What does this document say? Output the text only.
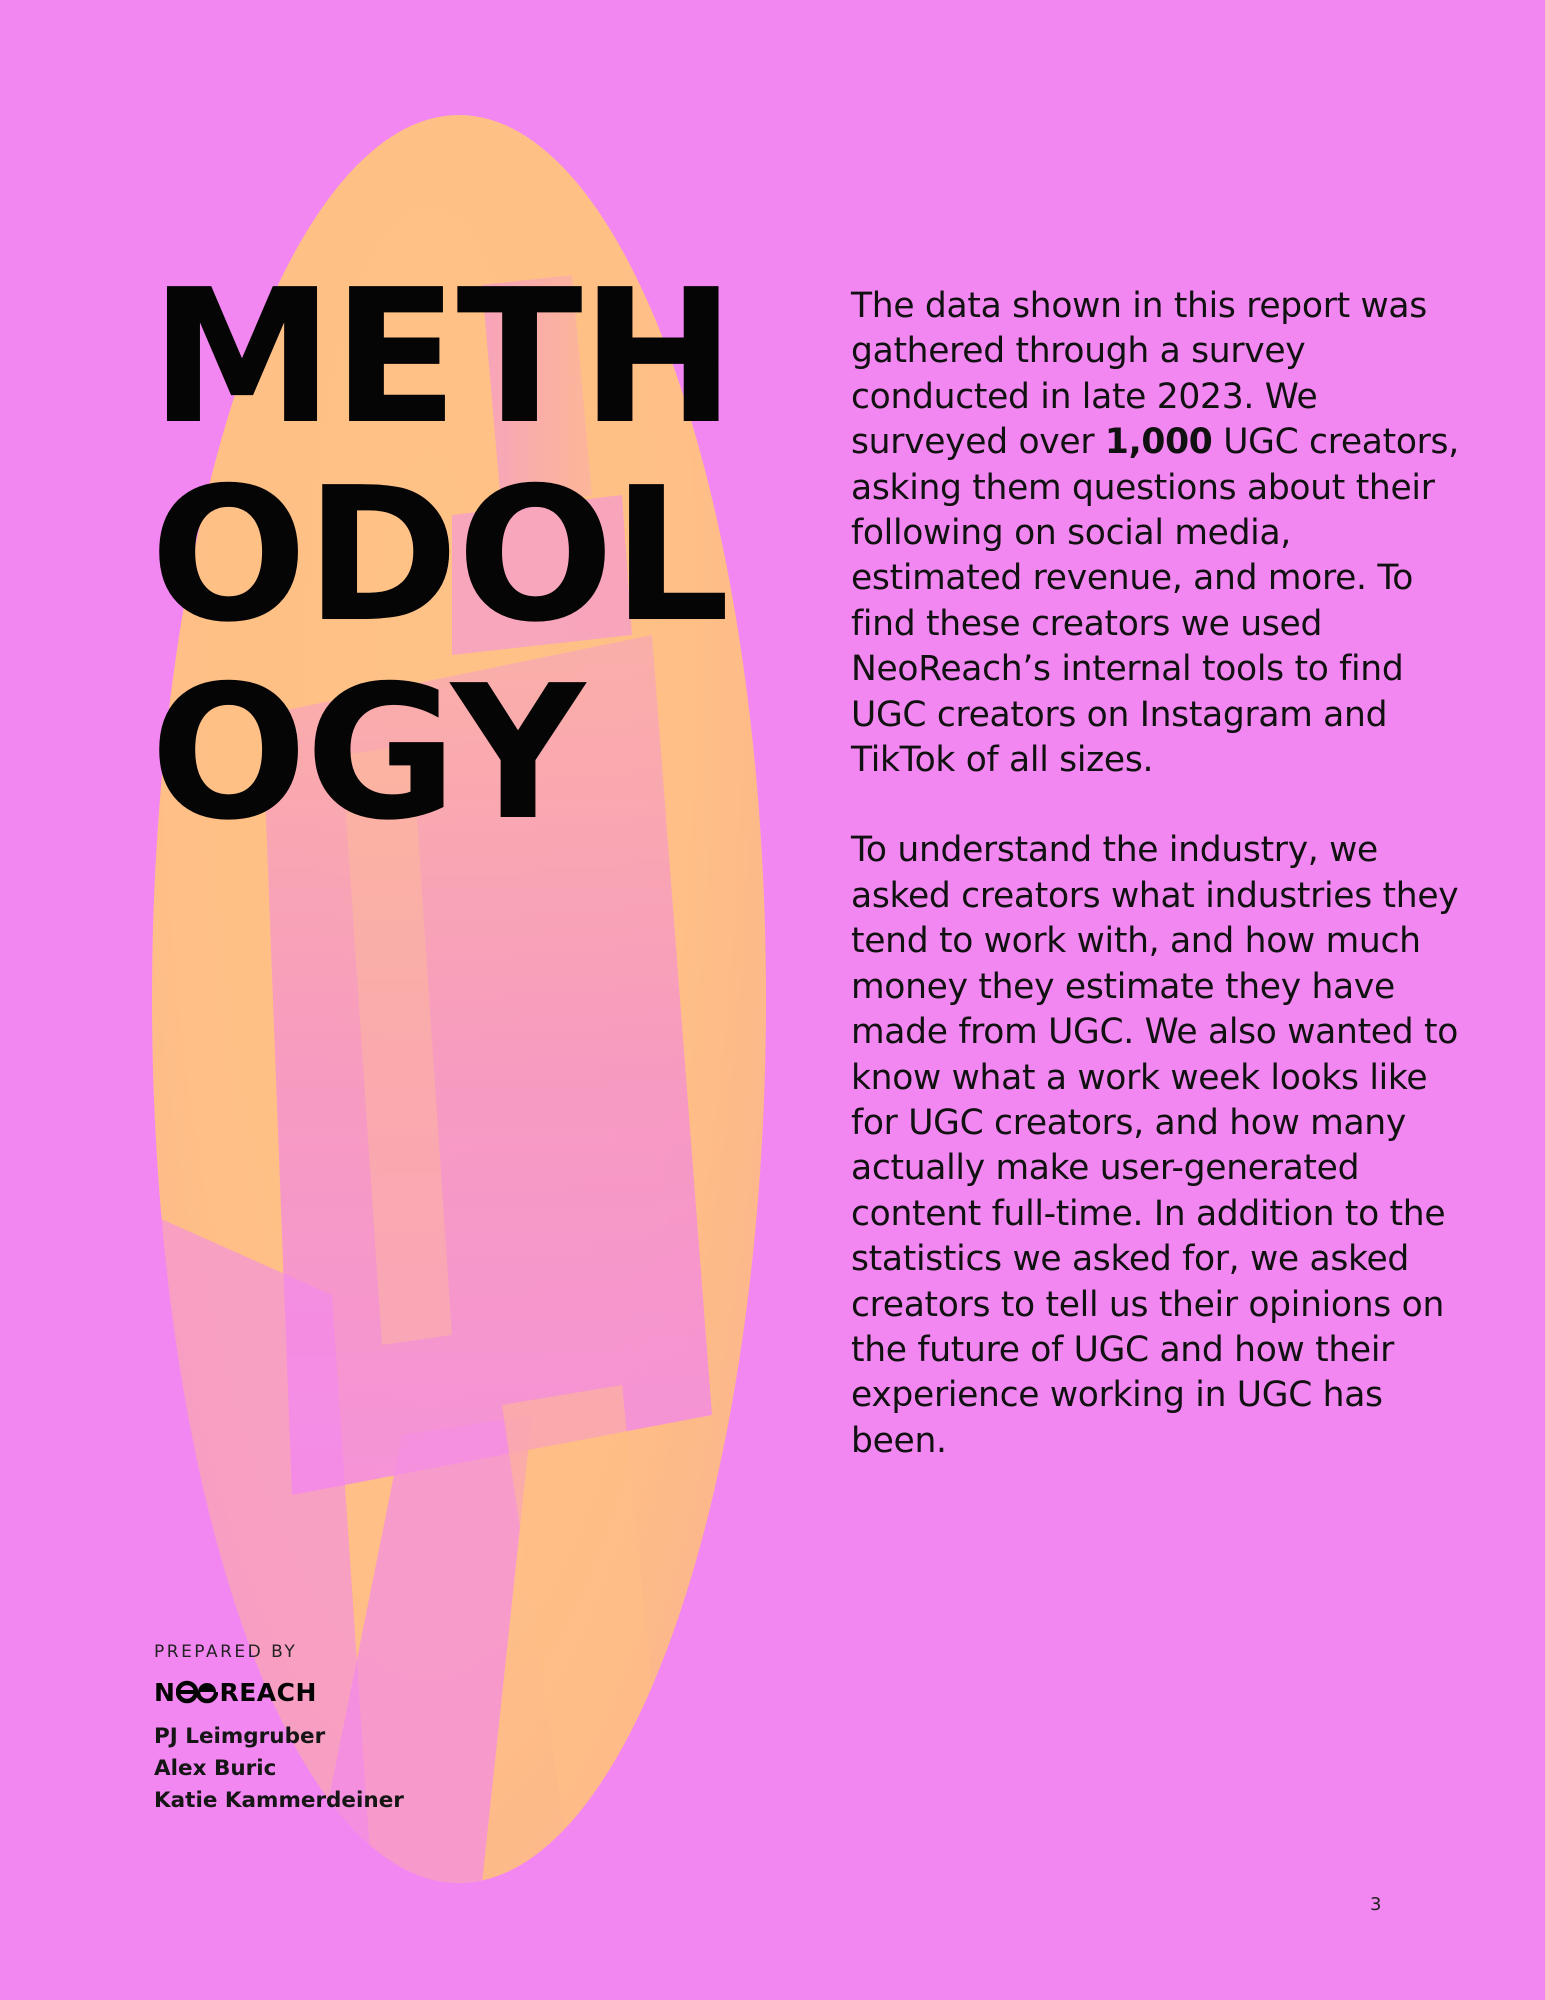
METH
ODOL
OGY

The data shown in this report was gathered through a survey conducted in late 2023. We surveyed over 1,000 UGC creators, asking them questions about their following on social media, estimated revenue, and more. To find these creators we used NeoReach’s internal tools to find UGC creators on Instagram and TikTok of all sizes.

To understand the industry, we asked creators what industries they tend to work with, and how much money they estimate they have made from UGC. We also wanted to know what a work week looks like for UGC creators, and how many actually make user-generated content full-time. In addition to the statistics we asked for, we asked creators to tell us their opinions on the future of UGC and how their experience working in UGC has been.

PREPARED BY
N REACH
PJ Leimgruber
Alex Buric
Katie Kammerdeiner
3
